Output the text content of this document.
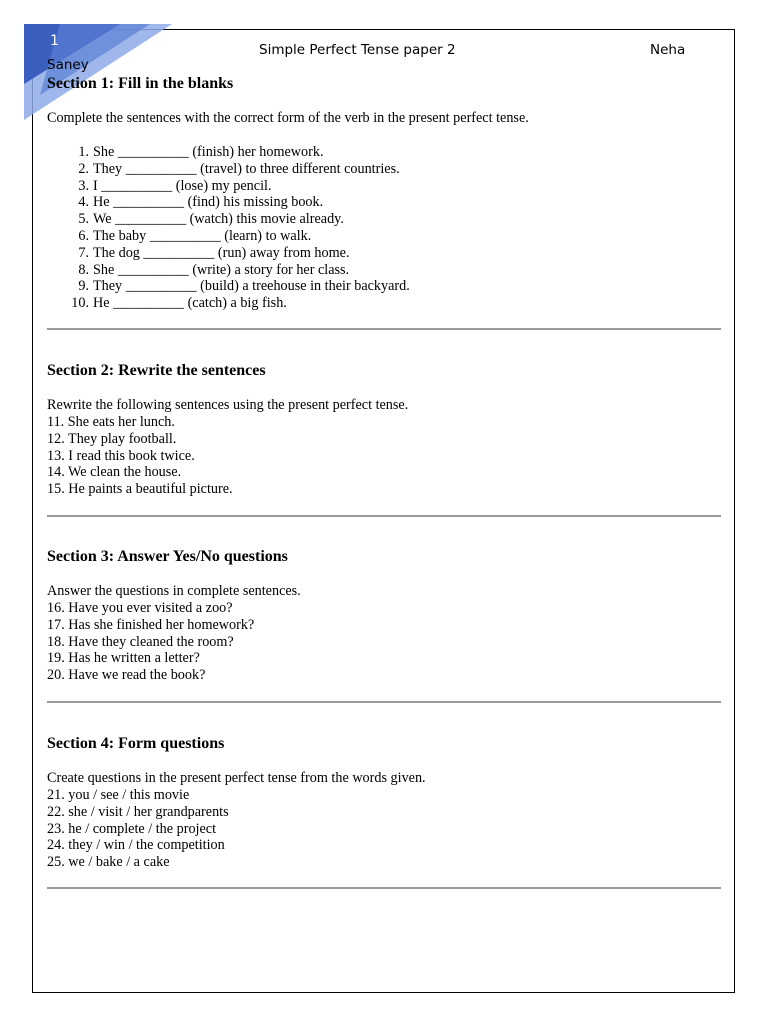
1
Simple Perfect Tense paper 2	Neha
Saney
Section 1: Fill in the blanks

Complete the sentences with the correct form of the verb in the present perfect tense.

1. She __________ (finish) her homework.
2. They __________ (travel) to three different countries.
3. I __________ (lose) my pencil.
4. He __________ (find) his missing book.
5. We __________ (watch) this movie already.
6. The baby __________ (learn) to walk.
7. The dog __________ (run) away from home.
8. She __________ (write) a story for her class.
9. They __________ (build) a treehouse in their backyard.
10. He __________ (catch) a big fish.
Section 2: Rewrite the sentences

Rewrite the following sentences using the present perfect tense.

11. She eats her lunch.
12. They play football.
13. I read this book twice.
14. We clean the house.
15. He paints a beautiful picture.
Section 3: Answer Yes/No questions

Answer the questions in complete sentences.

16. Have you ever visited a zoo?
17. Has she finished her homework?
18. Have they cleaned the room?
19. Has he written a letter?
20. Have we read the book?
Section 4: Form questions

Create questions in the present perfect tense from the words given.

21. you / see / this movie
22. she / visit / her grandparents
23. he / complete / the project
24. they / win / the competition
25. we / bake / a cake
